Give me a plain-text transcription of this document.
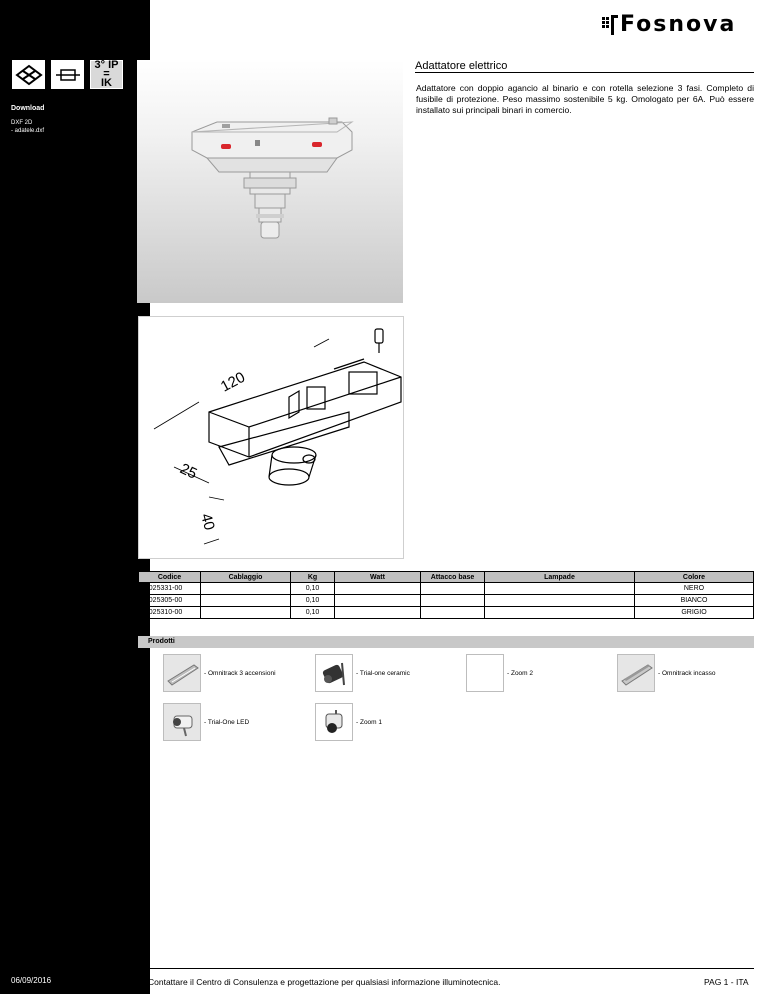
3° IP
=
IK
Download
DXF 2D
- adatele.dxf
06/09/2016
Fosnova
120
25
40
Adattatore elettrico
Adattatore con doppio agancio al binario e con rotella selezione 3 fasi. Completo di fusibile di protezione. Peso massimo sostenibile 5 kg. Omologato per 6A. Può essere installato sui principali binari in comercio.
Codice	Cablaggio	Kg	Watt	Attacco base	Lampade	Colore
22025331-00		0,10				NERO
22025305-00		0,10				BIANCO
22025310-00		0,10				GRIGIO
Prodotti
- Omnitrack 3 accensioni	- Trial-one ceramic	- Zoom 2	- Omnitrack incasso
- Trial-One LED	- Zoom 1
Contattare il Centro di Consulenza e progettazione per qualsiasi informazione illuminotecnica.	PAG 1 - ITA
